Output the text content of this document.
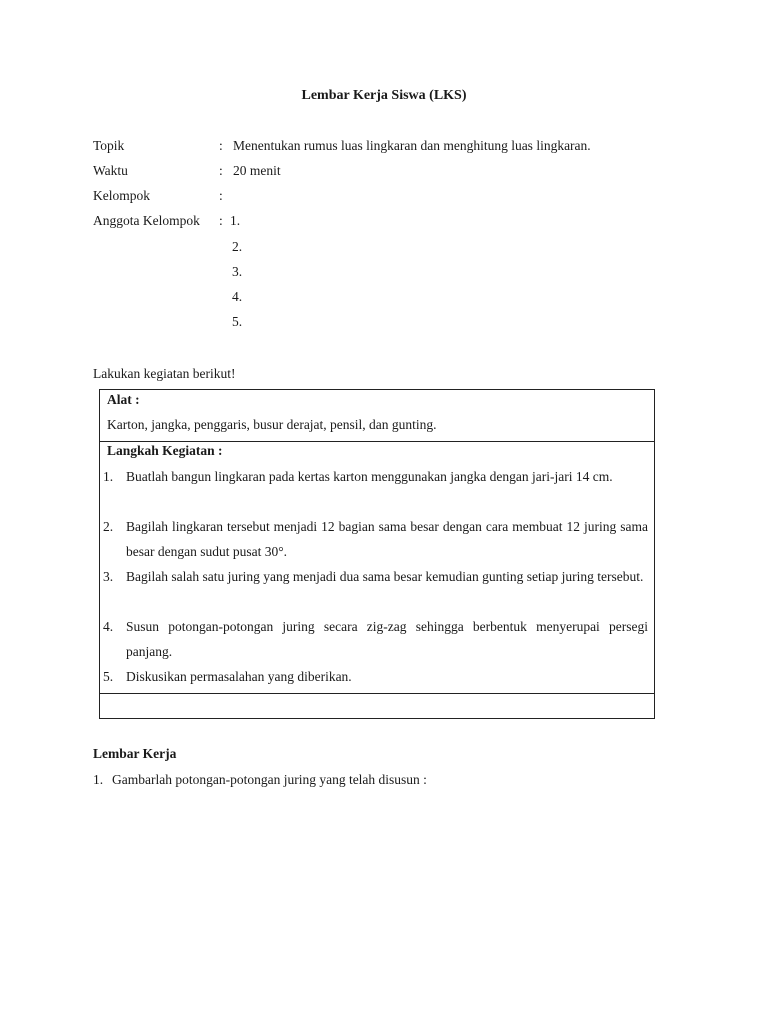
Lembar Kerja Siswa (LKS)
Topik	: Menentukan rumus luas lingkaran dan menghitung luas lingkaran.
Waktu	: 20 menit
Kelompok	:
Anggota Kelompok : 1.
2.
3.
4.
5.
Lakukan kegiatan berikut!
Alat :
Karton, jangka, penggaris, busur derajat, pensil, dan gunting.
Langkah Kegiatan :
1. Buatlah bangun lingkaran pada kertas karton menggunakan jangka dengan jari-jari 14 cm.
2. Bagilah lingkaran tersebut menjadi 12 bagian sama besar dengan cara membuat 12 juring sama besar dengan sudut pusat 30°.
3. Bagilah salah satu juring yang menjadi dua sama besar kemudian gunting setiap juring tersebut.
4. Susun potongan-potongan juring secara zig-zag sehingga berbentuk menyerupai persegi panjang.
5. Diskusikan permasalahan yang diberikan.
Lembar Kerja
1. Gambarlah potongan-potongan juring yang telah disusun :
